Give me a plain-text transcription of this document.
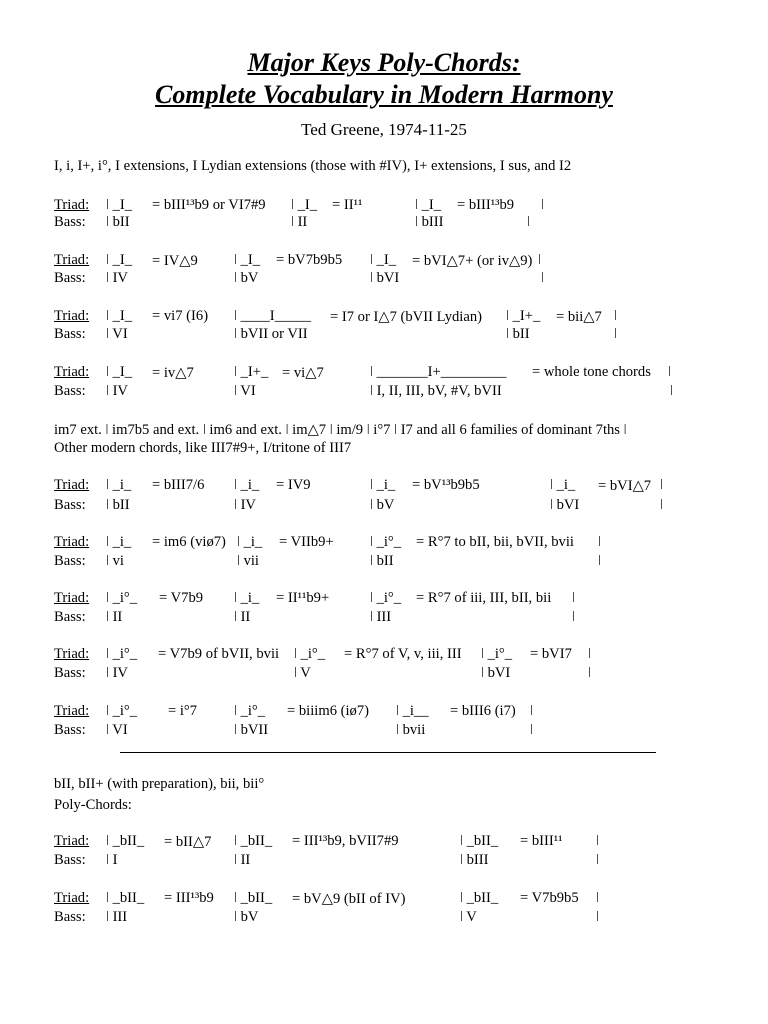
Major Keys Poly-Chords:
Complete Vocabulary in Modern Harmony
Ted Greene, 1974-11-25
I, i, I+, i°, I extensions, I Lydian extensions (those with #IV), I+ extensions, I sus, and I2
Triad: ǀ _I_ = bIII¹³b9 or VI7#9 ǀ _I_ = II¹¹	ǀ _I_ = bIII¹³b9 ǀ
Bass: ǀ bII	ǀ II	ǀ bIII	ǀ
Triad: ǀ _I_ = IV△9 ǀ _I_ = bV7b9b5 ǀ _I_ = bVI△7+ (or iv△9) ǀ
Bass: ǀ IV	ǀ bV	ǀ bVI	ǀ
Triad: ǀ _I_ = vi7 (I6) ǀ ____I_____ = I7 or I△7 (bVII Lydian) ǀ _I+_ = bii△7 ǀ
Bass: ǀ VI	ǀ bVII or VII	ǀ bII	ǀ
Triad: ǀ _I_ = iv△7	ǀ _I+_ = vi△7	ǀ _______I+_________ = whole tone chords ǀ
Bass: ǀ IV	ǀ VI	ǀ I, II, III, bV, #V, bVII	ǀ
im7 ext. ǀ im7b5 and ext. ǀ im6 and ext. ǀ im△7 ǀ im/9 ǀ i°7 ǀ I7 and all 6 families of dominant 7ths ǀ
Other modern chords, like III7#9+, I/tritone of III7
Triad: ǀ _i_ = bIII7/6 ǀ _i_ = IV9	ǀ _i_ = bV¹³b9b5	ǀ _i_ = bVI△7 ǀ
Bass: ǀ bII	ǀ IV	ǀ bV	ǀ bVI	ǀ
Triad: ǀ _i_ = im6 (viø7) ǀ _i_ = VIIb9+ ǀ _i°_ = R°7 to bII, bii, bVII, bvii ǀ
Bass: ǀ vi	ǀ vii	ǀ bII	ǀ
Triad: ǀ _i°_ = V7b9 ǀ _i_ = II¹¹b9+	ǀ _i°_ = R°7 of iii, III, bII, bii ǀ
Bass: ǀ II	ǀ II	ǀ III	ǀ
Triad: ǀ _i°_ = V7b9 of bVII, bvii ǀ _i°_ = R°7 of V, v, iii, III ǀ _i°_ = bVI7 ǀ
Bass: ǀ IV	ǀ V	ǀ bVI	ǀ
Triad: ǀ _i°_ = i°7	ǀ _i°_ = biiim6 (iø7) ǀ _i__ = bIII6 (i7) ǀ
Bass: ǀ VI	ǀ bVII	ǀ bvii	ǀ
bII, bII+ (with preparation), bii, bii°
Poly-Chords:
Triad: ǀ _bII_ = bII△7 ǀ _bII_ = III¹³b9, bVII7#9	ǀ _bII_ = bIII¹¹ ǀ
Bass: ǀ I	ǀ II	ǀ bIII	ǀ
Triad: ǀ _bII_ = III¹³b9 ǀ _bII_ = bV△9 (bII of IV)	ǀ _bII_ = V7b9b5 ǀ
Bass: ǀ III	ǀ bV	ǀ V	ǀ
